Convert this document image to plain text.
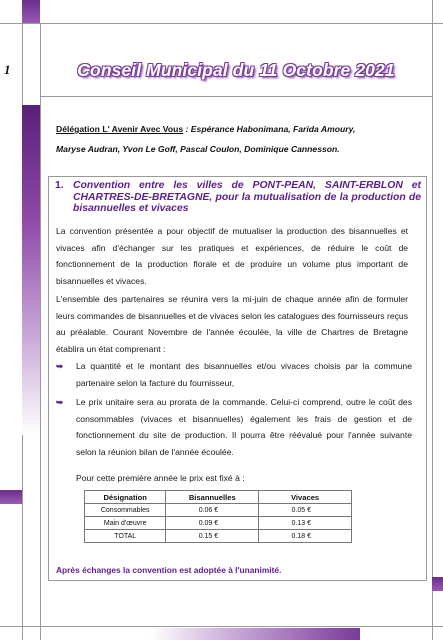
1	Conseil Municipal du 11 Octobre 2021
Délégation L' Avenir Avec Vous : Espérance Habonimana, Farida Amoury,
Maryse Audran, Yvon Le Goff, Pascal Coulon, Dominique Cannesson.
1. Convention entre les villes de PONT-PEAN, SAINT-ERBLON et CHARTRES-DE-BRETAGNE, pour la mutualisation de la production de bisannuelles et vivaces
La convention présentée a pour objectif de mutualiser la production des bisannuelles et vivaces afin d'échanger sur les pratiques et expériences, de réduire le coût de fonctionnement de la production florale et de produire un volume plus important de bisannuelles et vivaces.
L'ensemble des partenaires se réunira vers la mi-juin de chaque année afin de formuler leurs commandes de bisannuelles et de vivaces selon les catalogues des fournisseurs reçus au préalable. Courant Novembre de l'année écoulée, la ville de Chartres de Bretagne établira un état comprenant :
➥ La quantité et le montant des bisannuelles et/ou vivaces choisis par la commune partenaire selon la facture du fournisseur,
➥ Le prix unitaire sera au prorata de la commande. Celui-ci comprend, outre le coût des consommables (vivaces et bisannuelles) également les frais de gestion et de fonctionnement du site de production. Il pourra être réévalué pour l'année suivante selon la réunion bilan de l'année écoulée.
Pour cette première année le prix est fixé à :
Désignation	Bisannuelles	Vivaces
Consommables	0.06 €	0.05 €
Main d'œuvre	0.09 €	0.13 €
TOTAL	0.15 €	0.18 €
Après échanges la convention est adoptée à l'unanimité.
